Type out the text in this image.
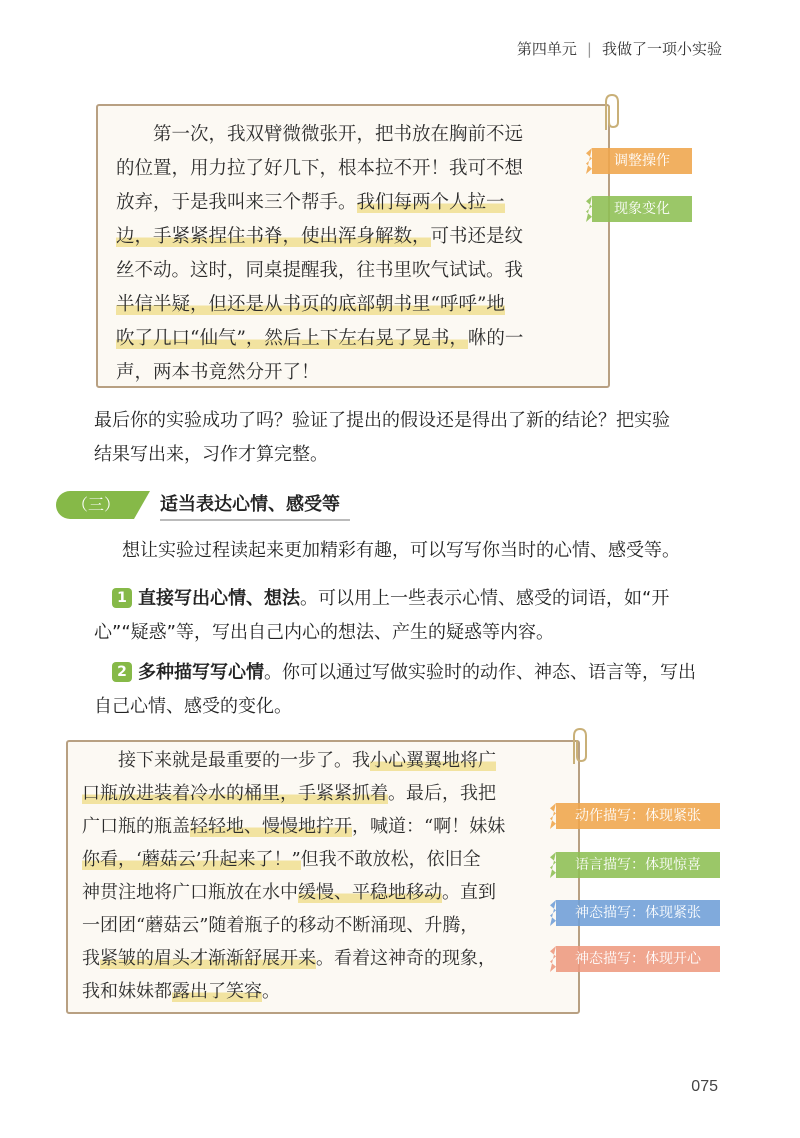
第四单元 | 我做了一项小实验
　　第一次，我双臂微微张开，把书放在胸前不远
的位置，用力拉了好几下，根本拉不开！我可不想
放弃，于是我叫来三个帮手。我们每两个人拉一
边，手紧紧捏住书脊，使出浑身解数，可书还是纹
丝不动。这时，同桌提醒我，往书里吹气试试。我
半信半疑，但还是从书页的底部朝书里“呼呼”地
吹了几口“仙气”，然后上下左右晃了晃书，咻的一
声，两本书竟然分开了！
调整操作
现象变化
最后你的实验成功了吗？验证了提出的假设还是得出了新的结论？把实验
结果写出来，习作才算完整。
（三）	适当表达心情、感受等
想让实验过程读起来更加精彩有趣，可以写写你当时的心情、感受等。
　1 直接写出心情、想法。可以用上一些表示心情、感受的词语，如“开
心”“疑惑”等，写出自己内心的想法、产生的疑惑等内容。
　2 多种描写写心情。你可以通过写做实验时的动作、神态、语言等，写出
自己心情、感受的变化。
　　接下来就是最重要的一步了。我小心翼翼地将广
口瓶放进装着冷水的桶里，手紧紧抓着。最后，我把
广口瓶的瓶盖轻轻地、慢慢地拧开，喊道：“啊！妹妹
你看，‘蘑菇云’升起来了！”但我不敢放松，依旧全
神贯注地将广口瓶放在水中缓慢、平稳地移动。直到
一团团“蘑菇云”随着瓶子的移动不断涌现、升腾，
我紧皱的眉头才渐渐舒展开来。看着这神奇的现象，
我和妹妹都露出了笑容。
动作描写：体现紧张
语言描写：体现惊喜
神态描写：体现紧张
神态描写：体现开心
075
